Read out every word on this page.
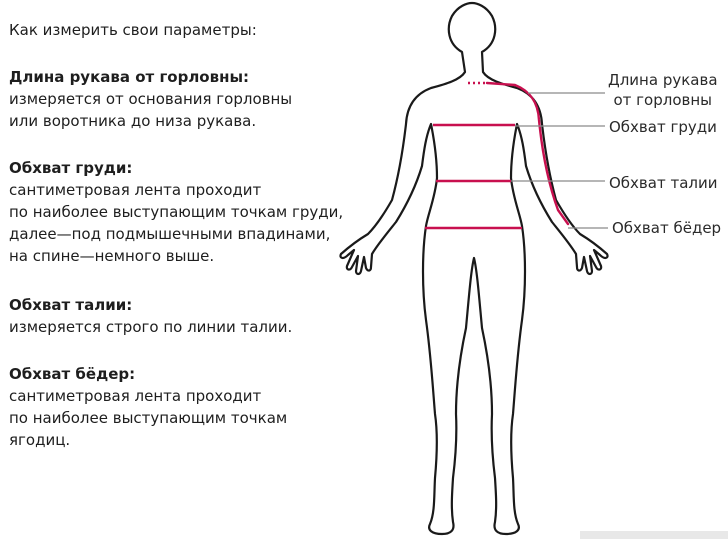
Как измерить свои параметры:

Длина рукава от горловны:

измеряется от основания горловны
или воротника до низа рукава.

Обхват груди:

сантиметровая лента проходит
по наиболее выступающим точкам груди,
далее—под подмышечными впадинами,
на спине—немного выше.

Обхват талии:

измеряется строго по линии талии.

Обхват бёдер:

сантиметровая лента проходит
по наиболее выступающим точкам ягодиц.

Длина рукава
от горловны
Обхват груди
Обхват талии
Обхват бёдер
